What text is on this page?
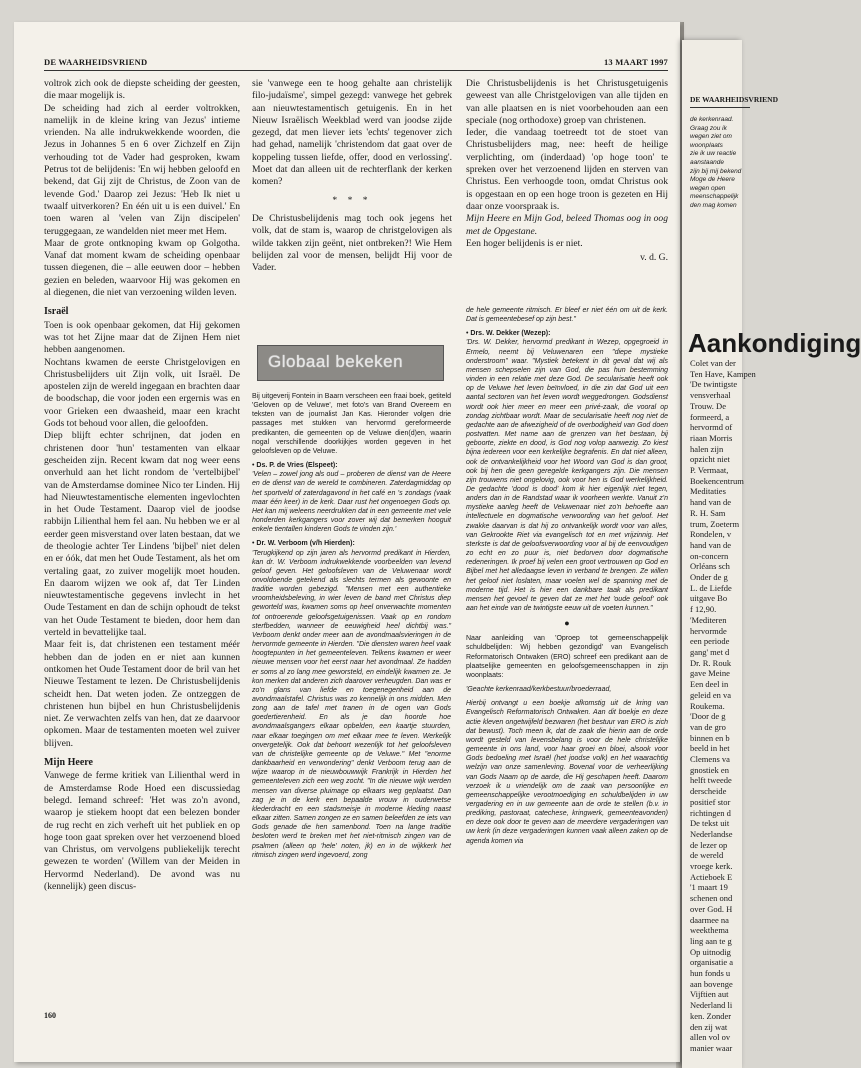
DE WAARHEIDSVRIEND	13 MAART 1997

voltrok zich ook de diepste scheiding der geesten, die maar mogelijk is.

De scheiding had zich al eerder voltrokken, namelijk in de kleine kring van Jezus' intieme vrienden. Na alle indrukwekkende woorden, die Jezus in Johannes 5 en 6 over Zichzelf en Zijn verhouding tot de Vader had gesproken, kwam Petrus tot de belijdenis: 'En wij hebben geloofd en bekend, dat Gij zijt de Christus, de Zoon van de levende God.' Daarop zei Jezus: 'Heb Ik niet u twaalf uitverkoren? En één uit u is een duivel.' En toen waren al 'velen van Zijn discipelen' teruggegaan, ze wandelden niet meer met Hem.

Maar de grote ontknoping kwam op Golgotha. Vanaf dat moment kwam de scheiding openbaar tussen diegenen, die – alle eeuwen door – hebben gezien en beleden, waarvoor Hij was gekomen en al diegenen, die niet van verzoening wilden leven.

Israël

Toen is ook openbaar gekomen, dat Hij gekomen was tot het Zijne maar dat de Zijnen Hem niet hebben aangenomen.

Nochtans kwamen de eerste Christgelovigen en Christusbelijders uit Zijn volk, uit Israël. De apostelen zijn de wereld ingegaan en brachten daar de boodschap, die voor joden een ergernis was en voor Grieken een dwaasheid, maar een kracht Gods tot behoud voor allen, die geloofden.

Diep blijft echter schrijnen, dat joden en christenen door 'hun' testamenten van elkaar gescheiden zijn. Recent kwam dat nog weer eens onverhuld aan het licht rondom de 'vertelbijbel' van de Amsterdamse dominee Nico ter Linden. Hij had Nieuwtestamentische elementen ingevlochten in het Oude Testament. Daarop viel de joodse rabbijn Lilienthal hem fel aan. Nu hebben we er al eerder geen misverstand over laten bestaan, dat we de theologie achter Ter Lindens 'bijbel' niet delen en er óók, dat men het Oude Testament, als het om vertaling gaat, zo zuiver mogelijk moet houden. En daarom wijzen we ook af, dat Ter Linden nieuwtestamentische gegevens invlecht in het Oude Testament en dan de schijn ophoudt de tekst van het Oude Testament te bieden, door hem dan verteld in bevattelijke taal.

Maar feit is, dat christenen een testament méér hebben dan de joden en er niet aan kunnen ontkomen het Oude Testament door de bril van het Nieuwe Testament te lezen. De Christusbelijdenis scheidt hen. Dat weten joden. Ze ontzeggen de christenen hun bijbel en hun Christusbelijdenis niet. Ze verwachten zelfs van hen, dat ze daarvoor opkomen. Maar de testamenten moeten wel zuiver blijven.

Mijn Heere

Vanwege de ferme kritiek van Lilienthal werd in de Amsterdamse Rode Hoed een discussiedag belegd. Iemand schreef: 'Het was zo'n avond, waarop je stiekem hoopt dat een belezen bonder de rug recht en zich verheft uit het publiek en op hoge toon gaat spreken over het verzoenend bloed van Christus, om vervolgens publiekelijk terecht gewezen te worden' (Willem van der Meiden in Hervormd Nederland). De avond was nu (kennelijk) geen discus-

sie 'vanwege een te hoog gehalte aan christelijk filo-judaïsme', simpel gezegd: vanwege het gebrek aan nieuwtestamentisch getuigenis. En in het Nieuw Israëlisch Weekblad werd van joodse zijde gezegd, dat men liever iets 'echts' tegenover zich had gehad, namelijk 'christendom dat gaat over de koppeling tussen liefde, offer, dood en verlossing'. Moet dat dan alleen uit de rechterflank der kerken komen?

* * *

De Christusbelijdenis mag toch ook jegens het volk, dat de stam is, waarop de christgelovigen als wilde takken zijn geënt, niet ontbreken?! Wie Hem belijden zal voor de mensen, belijdt Hij voor de Vader.

Die Christusbelijdenis is het Christusgetuigenis geweest van alle Christgelovigen van alle tijden en van alle plaatsen en is niet voorbehouden aan een speciale (nog orthodoxe) groep van christenen.

Ieder, die vandaag toetreedt tot de stoet van Christusbelijders mag, nee: heeft de heilige verplichting, om (inderdaad) 'op hoge toon' te spreken over het verzoenend lijden en sterven van Christus. Een verhoogde toon, omdat Christus ook is opgestaan en op een hoge troon is gezeten en Hij daar onze voorspraak is.

Mijn Heere en Mijn God, beleed Thomas oog in oog met de Opgestane.

Een hoger belijdenis is er niet.

v. d. G.
Globaal bekeken

Bij uitgeverij Fontein in Baarn verscheen een fraai boek, getiteld 'Geloven op de Veluwe', met foto's van Brand Overeem en teksten van de journalist Jan Kas. Hieronder volgen drie passages met stukken van hervormd gereformeerde predikanten, die gemeenten op de Veluwe dien(d)en, waarin nogal verschillende doorkijkjes worden gegeven in het geloofsleven op de Veluwe.

• Ds. P. de Vries (Elspeet):

'Velen – zowel jong als oud – proberen de dienst van de Heere en de dienst van de wereld te combineren. Zaterdagmiddag op het sportveld of zaterdagavond in het café en 's zondags (vaak maar één keer) in de kerk. Daar rust het ongenoegen Gods op. Het kan mij weleens neerdrukken dat in een gemeente met vele honderden kerkgangers voor zover wij dat bemerken hooguit enkele tientallen kinderen Gods te vinden zijn.'

• Dr. W. Verboom (v/h Hierden):

'Terugkijkend op zijn jaren als hervormd predikant in Hierden, kan dr. W. Verboom indrukwekkende voorbeelden van levend geloof geven. Het geloofsleven van de Veluwenaar wordt onvoldoende getekend als slechts termen als gewoonte en traditie worden gebezigd. "Mensen met een authentieke vroomheidsbeleving, in wier leven de band met Christus diep geworteld was, kwamen soms op heel onverwachte momenten tot ontroerende geloofsgetuigenissen. Vaak op en rondom sterfbedden, wanneer de eeuwigheid heel dichtbij was." Verboom denkt onder meer aan de avondmaalsvieringen in de hervormde gemeente in Hierden. "Die diensten waren heel vaak hoogtepunten in het gemeenteleven. Telkens kwamen er weer nieuwe mensen voor het eerst naar het avondmaal. Ze hadden er soms al zo lang mee geworsteld, en eindelijk kwamen ze. Je kon merken dat anderen zich daarover verheugden. Dan was er zo'n glans van liefde en toegenegenheid aan de avondmaalstafel. Christus was zo kennelijk in ons midden. Men zong aan de tafel met tranen in de ogen van Gods goedertierenheid. En als je dan hoorde hoe avondmaalsgangers elkaar opbelden, een kaartje stuurden, naar elkaar toegingen om met elkaar mee te leven. Werkelijk onvergetelijk. Ook dat behoort wezenlijk tot het geloofsleven van de christelijke gemeente op de Veluwe." Met "enorme dankbaarheid en verwondering" denkt Verboom terug aan de wijze waarop in de nieuwbouwwijk Frankrijk in Hierden het gemeenteleven zich een weg zocht. "In die nieuwe wijk werden mensen van diverse pluimage op elkaars weg geplaatst. Dan zag je in de kerk een bepaalde vrouw in ouderwetse klederdracht en een stadsmeisje in moderne kleding naast elkaar zitten. Samen zongen ze en samen beleefden ze iets van Gods genade die hen samenbond. Toen na lange traditie besloten werd te breken met het niet-ritmisch zingen van de psalmen (alleen op 'hele' noten, jk) en in de wijkkerk het ritmisch zingen werd ingevoerd, zong

de hele gemeente ritmisch. Er bleef er niet één om uit de kerk. Dat is gemeentebesef op zijn best."

• Drs. W. Dekker (Wezep):

'Drs. W. Dekker, hervormd predikant in Wezep, opgegroeid in Ermelo, neemt bij Veluwenaren een "diepe mystieke onderstroom" waar. "Mystiek betekent in dit geval dat wij als mensen schepselen zijn van God, die pas hun bestemming vinden in een relatie met deze God. De secularisatie heeft ook op de Veluwe het leven beïnvloed, in die zin dat God uit een aantal sectoren van het leven wordt weggedrongen. Godsdienst wordt ook hier meer en meer een privé-zaak, die vooral op zondag zichtbaar wordt. Maar de secularisatie heeft nog niet de gedachte aan de afwezigheid of de overbodigheid van God doen postvatten. Met name aan de grenzen van het bestaan, bij geboorte, ziekte en dood, is God nog volop aanwezig. Zo kiest bijna iedereen voor een kerkelijke begrafenis. En dat niet alleen, ook de ontvankelijkheid voor het Woord van God is dan groot, ook bij hen die geen geregelde kerkgangers zijn. Die mensen zijn trouwens niet ongelovig, ook voor hen is God werkelijkheid. De gedachte 'dood is dood' kom ik hier eigenlijk niet tegen, anders dan in de Randstad waar ik voorheen werkte. Vanuit z'n mystieke aanleg heeft de Veluwenaar niet zo'n behoefte aan intellectuele en dogmatische verwoording van het geloof. Het zwakke daarvan is dat hij zo ontvankelijk wordt voor van alles, van Gekrookte Riet via evangelisch tot en met vrijzinnig. Het sterkste is dat de geloofsverwoording voor al bij de eenvoudigen zo echt en zo puur is, niet bedorven door dogmatische redeneringen. Ik proef bij velen een groot vertrouwen op God en Bijbel met het alledaagse leven in verband te brengen. Ze willen het geloof niet loslaten, maar voelen wel de spanning met de moderne tijd. Het is hier een dankbare taak als predikant mensen het gevoel te geven dat ze met het 'oude geloof' ook aan het einde van de twintigste eeuw uit de voeten kunnen."

●

Naar aanleiding van 'Oproep tot gemeenschappelijk schuldbelijden: Wij hebben gezondigd' van Evangelisch Reformatorisch Ontwaken (ERO) schreef een predikant aan de plaatselijke gemeenten en geloofsgemeenschappen in zijn woonplaats:

'Geachte kerkenraad/kerkbestuur/broederraad,

Hierbij ontvangt u een boekje afkomstig uit de kring van Evangelisch Reformatorisch Ontwaken. Aan dit boekje en deze actie kleven ongetwijfeld bezwaren (het bestuur van ERO is zich dat bewust). Toch meen ik, dat de zaak die hierin aan de orde wordt gesteld van levensbelang is voor de hele christelijke gemeente in ons land, voor haar groei en bloei, alsook voor Gods bedoeling met Israël (het joodse volk) en het waarachtig welzijn van onze samenleving. Bovenal voor de verheerlijking van Gods Naam op de aarde, die Hij geschapen heeft. Daarom verzoek ik u vriendelijk om de zaak van persoonlijke en gemeenschappelijke verootmoediging en schuldbelijden in uw vergadering en in uw gemeente aan de orde te stellen (b.v. in prediking, pastoraat, catechese, kringwerk, gemeenteavonden) en deze ook door te geven aan de meerdere vergaderingen van uw kerk (in deze vergaderingen kunnen vaak alleen zaken op de agenda komen via

160
DE WAARHEIDSVRIEND
de kerkenraad.
Graag zou ik
wegen ziet om
woonplaats
zie ik uw reactie
aanstaande
zijn bij mij bekend
Moge de Heere
wegen open
meenschappelijk
den mag komen
Aankondiging
Colet van der
Ten Have, Kampen
'De twintigste
vensverhaal
Trouw. De
formeerd, a
hervormd of
riaan Morris
halen zijn
opzicht niet
P. Vermaat,
Boekencentrum
Meditaties
hand van de
R. H. Sam
trum, Zoeterm
Rondelen, v
hand van de
on-concern
Orléans sch
Onder de g
L. de Liefde
uitgave Bo
f 12,90.
'Mediteren
hervormde
een periode
gang' met d
Dr. R. Rouk
gave Meine
Een deel in
geleid en va
Roukema.
'Door de g
van de gro
binnen en b
beeld in het
Clemens va
gnostiek en
helft tweede
derscheide
positief stor
richtingen d
De tekst uit
Nederlandse
de lezer op
de wereld
vroege kerk.
Actieboek E
'1 maart 19
schenen ond
over God. H
daarmee na
weekthema
ling aan te g
Op uitnodig
organisatie a
hun fonds u
aan bovenge
Vijftien aut
Nederland li
ken. Zonder
den zij wat
allen vol ov
manier waar
